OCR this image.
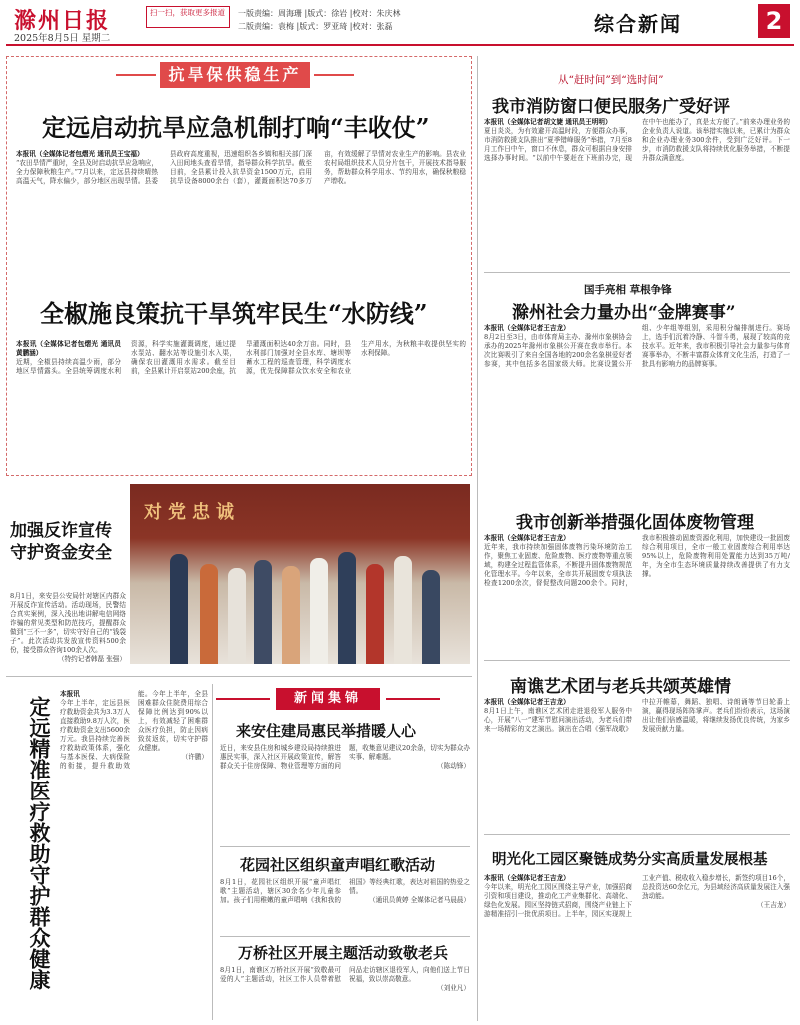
滁州日报
2025年8月5日 星期二
扫一扫，获取更多报道	一版责编：周海珊 |版式：徐岩 |校对：朱庆林
二版责编：袁梅 |版式：罗亚琦 |校对：张磊	综合新闻	2
抗旱保供稳生产
定远启动抗旱应急机制打响“丰收仗”
本报讯（全媒体记者包熠光 通讯员王宝福）
“农田旱情严重时，全县及时启动抗旱应急响应，全力保障秋粮生产。”7月以来，定远县持续晴热高温天气，降水偏少，部分地区出现旱情。县委县政府高度重视，迅速组织各乡镇和相关部门深入田间地头查看旱情，指导群众科学抗旱。截至目前，全县累计投入抗旱资金1500万元，启用抗旱设备8000余台（套），灌溉面积达70多万亩，有效缓解了旱情对农业生产的影响。县农业农村局组织技术人员分片包干，开展技术指导服务，帮助群众科学用水、节约用水，确保秋粮稳产增收。
全椒施良策抗干旱筑牢民生“水防线”
本报讯（全媒体记者包熠光 通讯员黄鹏涵）
近期，全椒县持续高温少雨，部分地区旱情露头。全县统筹调度水利资源，科学实施灌溉调度，通过提水泵站、翻水站等设施引水入渠，确保农田灌溉用水需求。截至目前，全县累计开启泵站200余座，抗旱灌溉面积达40余万亩。同时，县水利部门加强对全县水库、塘坝等蓄水工程的巡查管理，科学调度水源，优先保障群众饮水安全和农业生产用水，为秋粮丰收提供坚实的水利保障。
从“赶时间”到“选时间”
我市消防窗口便民服务广受好评
本报讯（全媒体记者胡文婕 通讯员王明明）
夏日炎炎，为有效避开高温时段，方便群众办事，市消防救援支队推出“夏季错峰服务”举措，7月至8月工作日中午，窗口不休息，群众可根据自身安排选择办事时间。“以前中午要赶在下班前办完，现在中午也能办了，真是太方便了。”前来办理业务的企业负责人说道。该举措实施以来，已累计为群众和企业办理业务300余件，受到广泛好评。下一步，市消防救援支队将持续优化服务举措，不断提升群众满意度。
国手亮相 草根争锋
滁州社会力量办出“金牌赛事”
本报讯（全媒体记者王吉龙）
8月2日至3日，由市体育局主办、滁州市象棋协会承办的2025年滁州市象棋公开赛在我市举行。本次比赛吸引了来自全国各地的200余名象棋爱好者参赛，其中包括多名国家级大师。比赛设置公开组、少年组等组别，采用积分编排制进行。赛场上，选手们沉着冷静、斗智斗勇，展现了较高的竞技水平。近年来，我市积极引导社会力量参与体育赛事举办，不断丰富群众体育文化生活，打造了一批具有影响力的品牌赛事。
加强反诈宣传守护资金安全
8月1日，来安县公安局针对辖区内群众开展反诈宣传活动。活动现场，民警结合真实案例，深入浅出地讲解电信网络诈骗的常见类型和防范技巧，提醒群众做到“三不一多”，切实守好自己的“钱袋子”。此次活动共发放宣传资料500余份，接受群众咨询100余人次。
（特约记者韩磊 张强）
对党忠诚	我市创新举措强化固体废物管理
本报讯（全媒体记者王吉龙）
近年来，我市持续加强固体废物污染环境防治工作，聚焦工业固废、危险废物、医疗废物等重点领域，构建全过程监管体系，不断提升固体废物规范化管理水平。今年以来，全市共开展固废专项执法检查1200余次，督促整改问题200余个。同时，我市积极推动固废资源化利用，加快建设一批固废综合利用项目，全市一般工业固废综合利用率达95%以上，危险废物利用处置能力达到35万吨/年，为全市生态环境质量持续改善提供了有力支撑。
南谯艺术团与老兵共颂英雄情
本报讯（全媒体记者王吉龙）
8月1日上午，南谯区艺术团走进退役军人服务中心，开展“八一”建军节慰问演出活动，为老兵们带来一场精彩的文艺演出。演出在合唱《强军战歌》中拉开帷幕，舞蹈、独唱、诗朗诵等节目轮番上演，赢得现场阵阵掌声。老兵们纷纷表示，这场演出让他们倍感温暖，将继续发扬优良传统，为家乡发展贡献力量。
明光化工园区聚链成势分实高质量发展根基
本报讯（全媒体记者王吉龙）
今年以来，明光化工园区围绕主导产业，加强招商引资和项目建设，推动化工产业集群化、高端化、绿色化发展。园区坚持链式招商，围绕产业链上下游精准招引一批优质项目。上半年，园区实现规上工业产值、税收收入稳步增长，新签约项目16个，总投资达60余亿元，为县域经济高质量发展注入强劲动能。
（王吉龙）
定远精准医疗救助守护群众健康
本报讯
今年上半年，定远县医疗救助资金共为3.3万人直接救助9.8万人次，医疗救助资金支出5600余万元。我县持续完善医疗救助政策体系，强化与基本医保、大病保险的衔接，提升救助效能。今年上半年，全县困难群众住院费用综合保障比例达到90%以上，有效减轻了困难群众医疗负担，防止因病致贫返贫，切实守护群众健康。
（许鹏）
新闻集锦
来安住建局惠民举措暖人心
近日，来安县住房和城乡建设局持续推进惠民实事，深入社区开展政策宣传，解答群众关于住房保障、物业管理等方面的问题，收集意见建议20余条，切实为群众办实事、解难题。
（陈动锋）
花园社区组织童声唱红歌活动
8月1日，花园社区组织开展“童声唱红歌”主题活动，辖区30余名少年儿童参加。孩子们用稚嫩的童声唱响《我和我的祖国》等经典红歌，表达对祖国的热爱之情。
（通讯员黄婷 全媒体记者马晨晨）
万桥社区开展主题活动致敬老兵
8月1日，南谯区万桥社区开展“致敬最可爱的人”主题活动，社区工作人员带着慰问品走访辖区退役军人，向他们送上节日祝福，致以崇高敬意。
（刘业凡）
